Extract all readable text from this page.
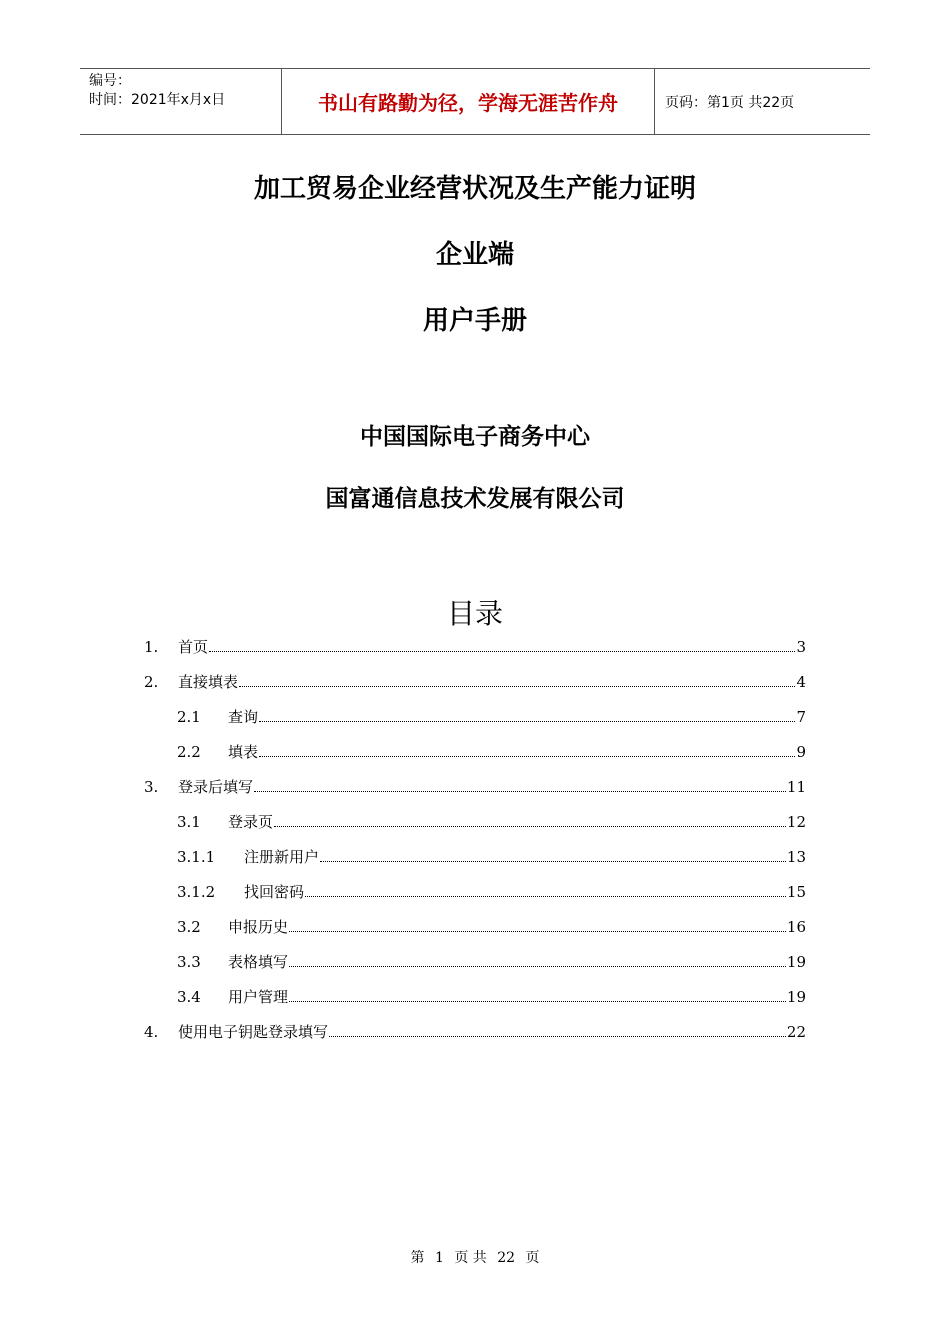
编号：
时间：2021年x月x日	书山有路勤为径，学海无涯苦作舟	页码：第1页 共22页
加工贸易企业经营状况及生产能力证明
企业端
用户手册
中国国际电子商务中心
国富通信息技术发展有限公司
目录
1.	首页	3
2.	直接填表	4
2.1	查询	7
2.2	填表	9
3.	登录后填写	11
3.1	登录页	12
3.1.1	注册新用户	13
3.1.2	找回密码	15
3.2	申报历史	16
3.3	表格填写	19
3.4	用户管理	19
4.	使用电子钥匙登录填写	22
第 1 页 共 22 页
